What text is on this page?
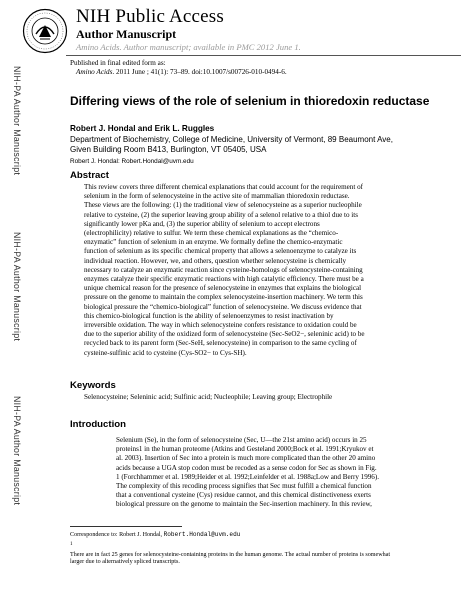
NIH Public Access
Author Manuscript
Amino Acids. Author manuscript; available in PMC 2012 June 1.
NIH-PA Author Manuscript
NIH-PA Author Manuscript
NIH-PA Author Manuscript
Published in final edited form as:
Amino Acids. 2011 June ; 41(1): 73–89. doi:10.1007/s00726-010-0494-6.
Differing views of the role of selenium in thioredoxin reductase
Robert J. Hondal and Erik L. Ruggles
Department of Biochemistry, College of Medicine, University of Vermont, 89 Beaumont Ave,
Given Building Room B413, Burlington, VT 05405, USA
Robert J. Hondal: Robert.Hondal@uvm.edu
Abstract
This review covers three different chemical explanations that could account for the requirement of
selenium in the form of selenocysteine in the active site of mammalian thioredoxin reductase.
These views are the following: (1) the traditional view of selenocysteine as a superior nucleophile
relative to cysteine, (2) the superior leaving group ability of a selenol relative to a thiol due to its
significantly lower pKa and, (3) the superior ability of selenium to accept electrons
(electrophilicity) relative to sulfur. We term these chemical explanations as the “chemico-
enzymatic” function of selenium in an enzyme. We formally define the chemico-enzymatic
function of selenium as its specific chemical property that allows a selenoenzyme to catalyze its
individual reaction. However, we, and others, question whether selenocysteine is chemically
necessary to catalyze an enzymatic reaction since cysteine-homologs of selenocysteine-containing
enzymes catalyze their specific enzymatic reactions with high catalytic efficiency. There must be a
unique chemical reason for the presence of selenocysteine in enzymes that explains the biological
pressure on the genome to maintain the complex selenocysteine-insertion machinery. We term this
biological pressure the “chemico-biological” function of selenocysteine. We discuss evidence that
this chemico-biological function is the ability of selenoenzymes to resist inactivation by
irreversible oxidation. The way in which selenocysteine confers resistance to oxidation could be
due to the superior ability of the oxidized form of selenocysteine (Sec-SeO2−, seleninic acid) to be
recycled back to its parent form (Sec-SeH, selenocysteine) in comparison to the same cycling of
cysteine-sulfinic acid to cysteine (Cys-SO2− to Cys-SH).
Keywords
Selenocysteine; Seleninic acid; Sulfinic acid; Nucleophile; Leaving group; Electrophile
Introduction
Selenium (Se), in the form of selenocysteine (Sec, U—the 21st amino acid) occurs in 25
proteins1 in the human proteome (Atkins and Gesteland 2000;Bock et al. 1991;Kryukov et
al. 2003). Insertion of Sec into a protein is much more complicated than the other 20 amino
acids because a UGA stop codon must be recoded as a sense codon for Sec as shown in Fig.
1 (Forchhammer et al. 1989;Heider et al. 1992;Leinfelder et al. 1988a;Low and Berry 1996).
The complexity of this recoding process signifies that Sec must fulfill a chemical function
that a conventional cysteine (Cys) residue cannot, and this chemical distinctiveness exerts
biological pressure on the genome to maintain the Sec-insertion machinery. In this review,
Correspondence to: Robert J. Hondal, Robert.Hondal@uvm.edu
$^1$
There are in fact 25 genes for selenocysteine-containing proteins in the human genome. The actual number of proteins is somewhat
larger due to alternatively spliced transcripts.
